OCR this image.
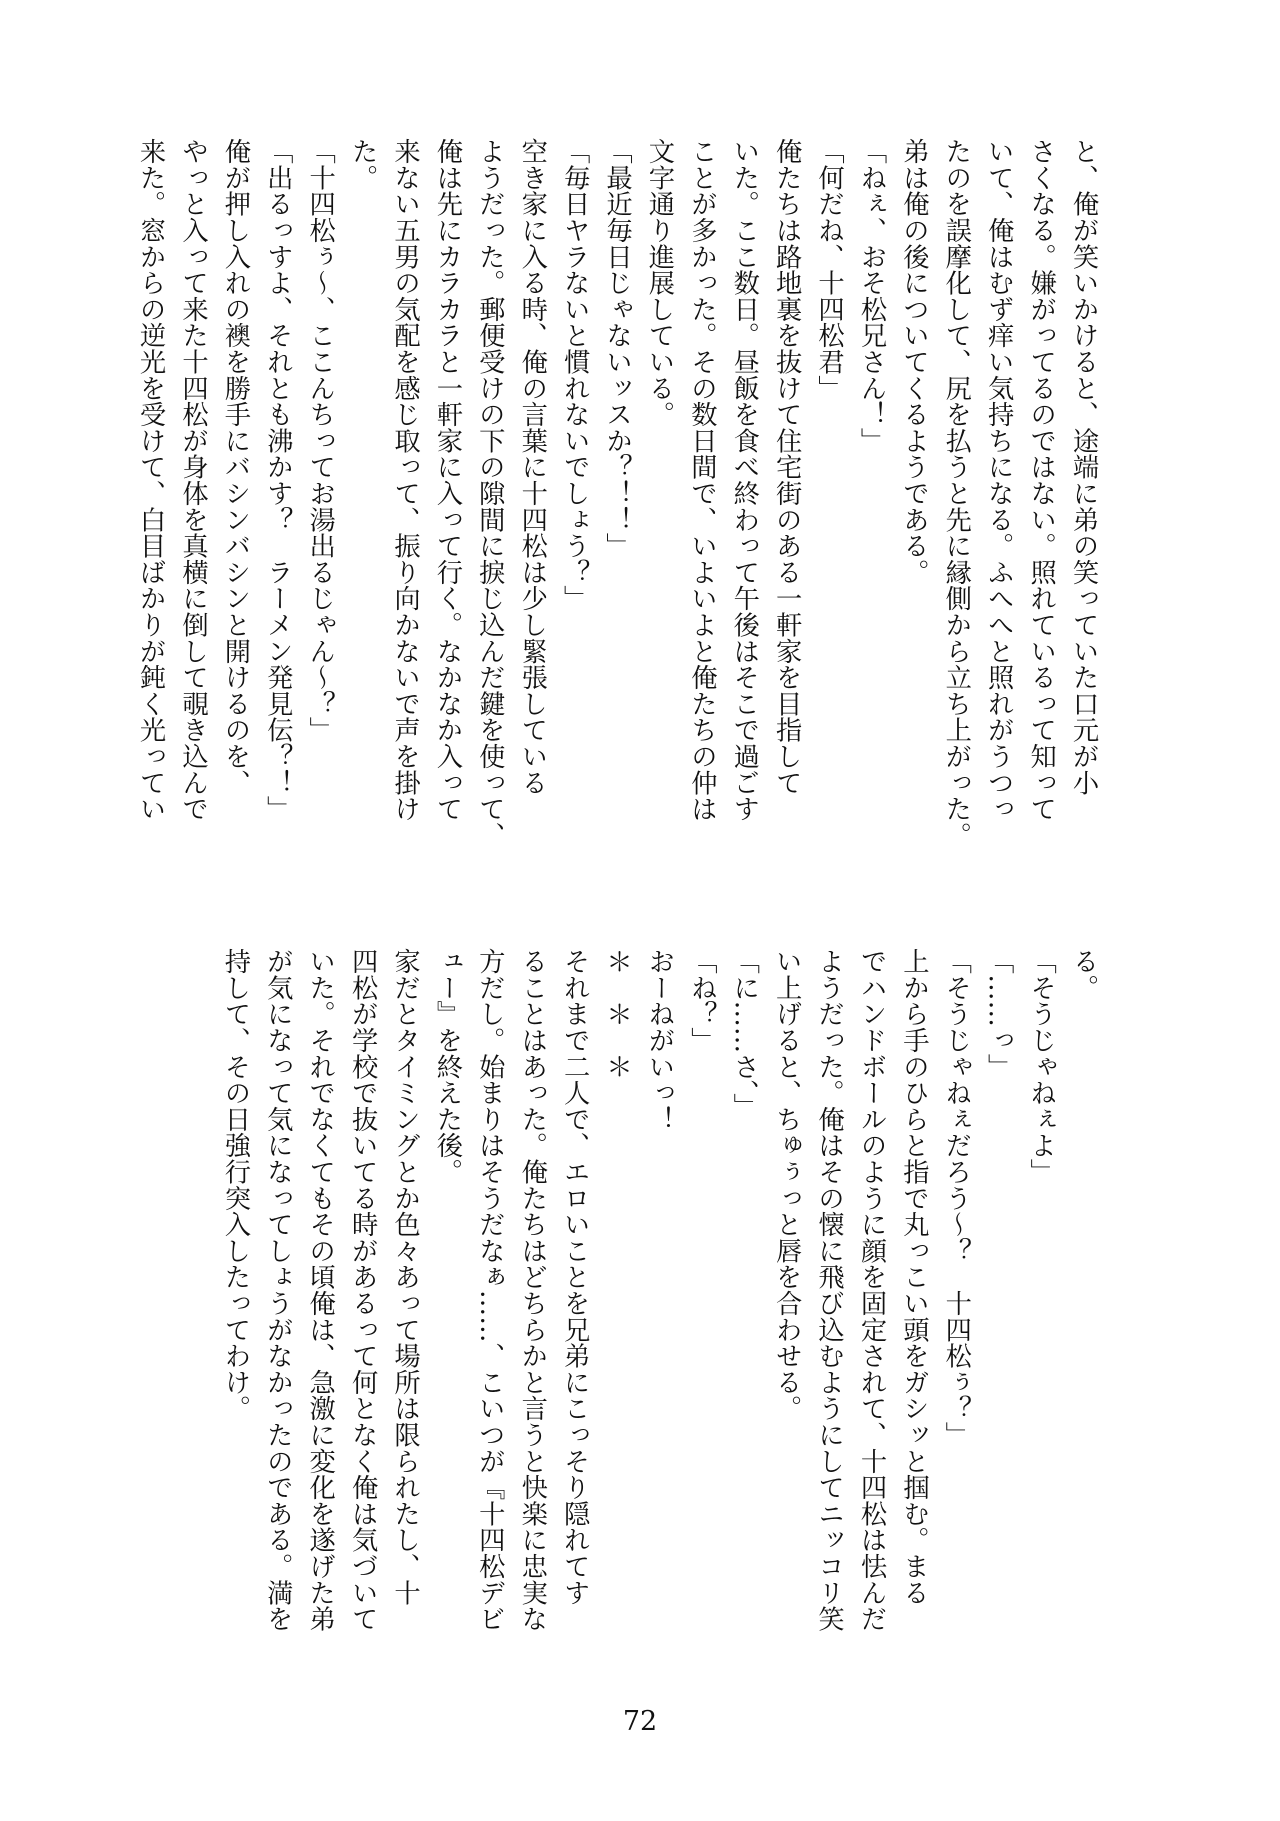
と、俺が笑いかけると、途端に弟の笑っていた口元が小
さくなる。嫌がってるのではない。照れているって知って
いて、俺はむず痒い気持ちになる。ふへへと照れがうつっ
たのを誤摩化して、尻を払うと先に縁側から立ち上がった。
弟は俺の後についてくるようである。
「ねぇ、おそ松兄さん！」
「何だね、十四松君」
俺たちは路地裏を抜けて住宅街のある一軒家を目指して
いた。ここ数日。昼飯を食べ終わって午後はそこで過ごす
ことが多かった。その数日間で、いよいよと俺たちの仲は
文字通り進展している。
「最近毎日じゃないッスか？！！」
「毎日ヤラないと慣れないでしょう？」
空き家に入る時、俺の言葉に十四松は少し緊張している
ようだった。郵便受けの下の隙間に捩じ込んだ鍵を使って、
俺は先にカラカラと一軒家に入って行く。なかなか入って
来ない五男の気配を感じ取って、振り向かないで声を掛け
た。
「十四松ぅ〜、ここんちってお湯出るじゃん〜？」
「出るっすよ、それとも沸かす？　ラーメン発見伝？！」
俺が押し入れの襖を勝手にバシンバシンと開けるのを、
やっと入って来た十四松が身体を真横に倒して覗き込んで
来た。窓からの逆光を受けて、白目ばかりが鈍く光ってい
る。
「そうじゃねぇよ」
「……っ」
「そうじゃねぇだろう〜？　十四松ぅ？」
上から手のひらと指で丸っこい頭をガシッと掴む。まる
でハンドボールのように顔を固定されて、十四松は怯んだ
ようだった。俺はその懐に飛び込むようにしてニッコリ笑
い上げると、ちゅぅっと唇を合わせる。
「に……さ、」
「ね？」
おーねがいっ！
＊　＊　＊
それまで二人で、エロいことを兄弟にこっそり隠れてす
ることはあった。俺たちはどちらかと言うと快楽に忠実な
方だし。始まりはそうだなぁ……、こいつが『十四松デビ
ュー』を終えた後。
家だとタイミングとか色々あって場所は限られたし、十
四松が学校で抜いてる時があるって何となく俺は気づいて
いた。それでなくてもその頃俺は、急激に変化を遂げた弟
が気になって気になってしょうがなかったのである。満を
持して、その日強行突入したってわけ。
72
